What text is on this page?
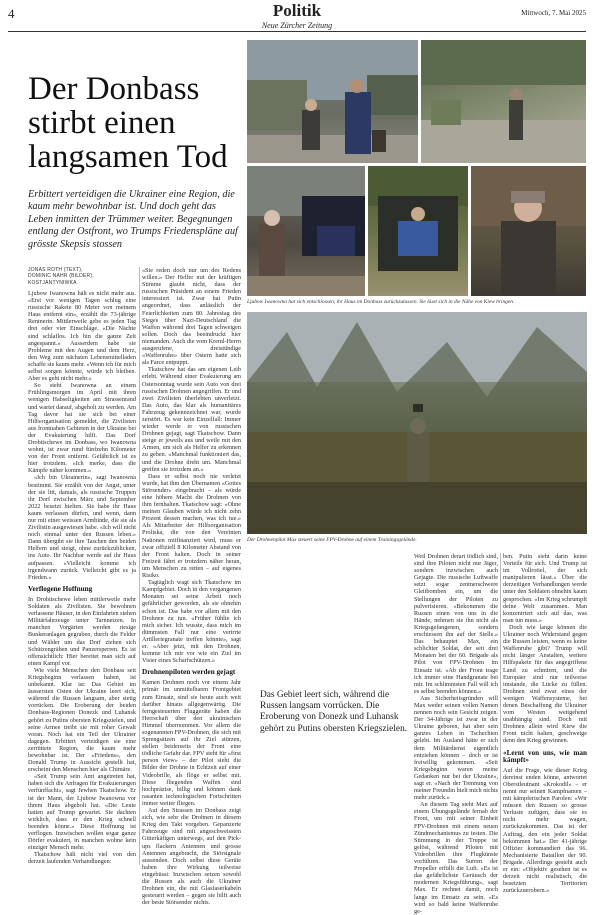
4	Politik
Neue Zürcher Zeitung
Mittwoch, 7. Mai 2025
Der Donbass stirbt einen langsamen Tod

Erbittert verteidigen die Ukrainer eine Region, die kaum mehr bewohnbar ist. Und doch geht das Leben inmitten der Trümmer weiter. Begegnungen entlang der Ostfront, wo Trumps Friedenspläne auf grösste Skepsis stossen

JONAS ROTH (TEXT),
DOMINIC NAHR (BILDER), KOSTJANTYNIWKA

Ljubow Iwanowna hält es nicht mehr aus. «Erst vor wenigen Tagen schlug eine russische Rakete 80 Meter von meinem Haus entfernt ein», erzählt die 73-jährige Rentnerin. Mittlerweile gebe es jeden Tag drei oder vier Einschläge. «Die Nächte sind schlaflos. Ich bin die ganze Zeit angespannt.» Ausserdem habe sie Probleme mit den Augen und dem Herz, den Weg zum nächsten Lebensmittelladen schaffe sie kaum mehr. «Wenn ich für mich selbst sorgen könnte, würde ich bleiben. Aber es geht nicht mehr.»

So steht Iwanowna an einem Frühlingsmorgen im April mit ihren wenigen Habseligkeiten am Strassenrand und wartet darauf, abgeholt zu werden. Am Tag davor hat sie sich bei einer Hilfsorganisation gemeldet, die Zivilisten aus frontnahen Gebieten in der Ukraine bei der Evakuierung hilft. Das Dorf Drobitschewe im Donbass, wo Iwanowna wohnt, ist zwar rund fünfzehn Kilometer von der Front entfernt. Gefährlich ist es hier trotzdem. «Ich merke, dass die Kämpfe näher kommen.»

«Ich bin Ukrainerin», sagt Iwanowna bestimmt. Sie erzählt von der Angst, unter der sie litt, damals, als russische Truppen ihr Dorf zwischen März und September 2022 besetzt hielten. Sie habe ihr Haus kaum verlassen dürfen, und wenn, dann nur mit einer weissen Armbinde, die sie als Zivilistin ausgewiesen habe. «Ich will nicht noch einmal unter den Russen leben.» Dann übergibt sie ihre Taschen den beiden Helfern und steigt, ohne zurückzublicken, ins Auto. Ihr Nachbar werde auf ihr Haus aufpassen. «Vielleicht komme ich irgendwann zurück. Vielleicht gibt es ja Frieden.»

Verflogene Hoffnung

In Drobitschewe leben mittlerweile mehr Soldaten als Zivilisten. Sie bewohnen verlassene Häuser, in den Einfahrten stehen Militärfahrzeuge unter Tarnnetzen. In manchen Vorgärten werden riesige Bunkeranlagen gegraben, durch die Felder und Wälder um das Dorf ziehen sich Schützengräben und Panzersperren. Es ist offensichtlich: Hier bereitet man sich auf einen Kampf vor.

Wie viele Menschen den Donbass seit Kriegsbeginn verlassen haben, ist unbekannt. Klar ist: Das Gebiet im äussersten Osten der Ukraine leert sich, während die Russen langsam, aber stetig vorrücken. Die Eroberung der beiden Donbass-Regionen Donezk und Luhansk gehört zu Putins obersten Kriegszielen, und seine Armee treibt sie mit roher Gewalt voran. Noch hat ein Teil der Ukrainer dagegen. Erbittert verteidigen sie eine zerrüttete Region, die kaum mehr bewohnbar ist. Der «Friedens», den Donald Trump in Aussicht gestellt hat, erscheint den Menschen hier als Chimäre.

«Seit Trump sein Amt angetreten hat, haben sich die Anfragen für Evakuierungen verfünffacht», sagt Jewhen Tkatschow. Er ist der Mann, der Ljubow Iwanowna vor ihrem Haus abgeholt hat. «Die Leute hatten auf Trump gewartet. Sie dachten wirklich, dass er den Krieg schnell beenden könne.» Diese Hoffnung ist verflogen. Inzwischen wollen sogar ganze Dörfer evakuiert, in manchen wohne kein einziger Mensch mehr.

Tkatschow hält nicht viel von den derzeit laufenden Verhandlungen:

«Sie reden doch nur um des Redens willen.» Der Helfer mit der kräftigen Stimme glaubt nicht, dass der russischen Präsident an einem Frieden interessiert ist. Zwar hat Putin angeordnet, dass anlässlich der Feierlichkeiten zum 80. Jahrestag des Sieges über Nazi-Deutschland die Waffen während drei Tagen schweigen sollen. Doch das beeindruckt hier niemanden. Auch die vom Kreml-Herrn ausgerufene, dreistündige «Waffenruhe» über Ostern hatte sich als Farce entpuppt.

Tkatschow hat das am eigenen Leib erlebt. Während einer Evakuierung am Ostersonntag wurde sein Auto von drei russischen Drohnen angegriffen. Er und zwei Zivilisten überlebten unverletzt. Das Auto, das klar als humanitäres Fahrzeug gekennzeichnet war, wurde zerstört. Es war kein Einzelfall: Immer wieder werde er von russischen Drohnen gejagt, sagt Tkatschow. Dann steige er jeweils aus und weile mit den Armen, um sich als Helfer zu erkennen zu geben. «Manchmal funktioniert das, und die Drohne dreht um. Manchmal greifen sie trotzdem an.»

Dass er selbst noch nie verletzt wurde, hat ihm den Übernamen «Gottes Störsender» eingebracht – als würde eine höhere Macht die Drohnen von ihm fernhalten. Tkatschow sagt: «Ohne meinen Glauben würde ich nicht zehn Prozent dessen machen, was ich tue.» Als Mitarbeiter der Hilfsorganisation Proliska, die von den Vereinten Nationen mitfinanziert wird, muss er zwar offiziell 8 Kilometer Abstand von der Front halten. Doch in seiner Freizeit fährt er trotzdem näher heran, um Menschen zu retten – auf eigenes Risiko.

Tagtäglich wagt sich Tkatschow im Kampfgebiet. Doch in den vergangenen Monaten sei seine Arbeit noch gefährlicher geworden, als sie ohnehin schon ist. Das habe vor allem mit den Drohnen zu tun. «Früher fühlte ich mich sicher. Ich wusste, dass mich im dümmsten Fall nur eine verirrte Artilleriegranate treffen könnte», sagt er. «Aber jetzt, mit den Drohnen, komme ich mir vor wie ein Ziel im Visier eines Scharfschützen.»

Drohnenpiloten werden gejagt

Kamen Drohnen noch vor einem Jahr primär im unmittelbaren Frontgebiet zum Einsatz, sind sie heute auch weit darüber hinaus allgegenwärtig. Die ferngesteuerten Fluggeräte haben die Herrschaft über den ukrainischen Himmel übernommen. Vor allem die sogenannten FPV-Drohnen, die sich mit Sprengsätzen auf ihr Ziel stürzen, stellen beiderseits der Front eine tödliche Gefahr dar. FPV steht für «first person view» – der Pilot sieht die Bilder der Drohne in Echtzeit auf einer Videobrille, als flöge er selbst mit. Diese fliegenden Waffen sind hochpräzise, billig und können dank rasanten technologischen Fortschritten immer weiter fliegen.

Auf den Strassen im Donbass zeigt sich, wie sehr die Drohnen in diesem Krieg den Takt vorgeben. Gepanzerte Fahrzeuge sind mit angeschweissten Gitterkäfigen unterwegs, auf den Pick-ups flackern Antennen und grosse Antennen angebracht, die Störsignale aussenden. Doch selbst diese Geräte haben ihre Wirkung teilweise eingebüsst: Inzwischen setzen sowohl die Russen als auch die Ukrainer Drohnen ein, die mit Glasfaserkabeln gesteuert werden – gegen sie hilft auch der beste Störsender nichts.

Ljubow Iwanowna hat sich entschlossen, ihr Haus im Donbass zurückzulassen. Sie lässt sich in die Nähe von Kiew bringen.
Der Drohnenpilot Max steuert seine FPV-Drohne auf einem Trainingsgelände.
Das Gebiet leert sich, während die Russen langsam vorrücken. Die Eroberung von Donezk und Luhansk gehört zu Putins obersten Kriegszielen.

Weil Drohnen derart tödlich sind, sind ihre Piloten nicht nur Jäger, sondern inzwischen auch Gejagte. Die russische Luftwaffe setzt sogar zentnerschwere Gleitbomben ein, um die Stellungen der Piloten zu pulverisieren. «Bekommen die Russen einen von uns in die Hände, nehmen sie ihn nicht als Kriegsgefangenen, sondern erschiessen ihn auf der Stelle.» Das behauptet Max, ein schlichter Soldat, der seit drei Monaten bei der 60. Brigade als Pilot von FPV-Drohnen im Einsatz ist. «Ab der Front trage ich immer eine Handgranate bei mir. Im schlimmsten Fall will ich es selbst beenden können.»

Aus Sicherheitsgründen will Max weder seinen vollen Namen nennen noch sein Gesicht zeigen. Der 34-Jährige ist zwar in der Ukraine geboren, hat aber sein ganzes Leben in Tschechien gelebt. Im Ausland hätte er sich dem Militärdienst eigentlich entziehen können – doch er ist freiwillig gekommen. «Seit Kriegsbeginn waren meine Gedanken nur bei der Ukraine», sagt er. «Nach der Trennung von meiner Freundin hielt mich nichts mehr zurück.»

An diesem Tag steht Max auf einem Übungsgelände fernab der Front, um mit seiner Einheit FPV-Drohnen mit einem neuen Zündmechanismus zu testen. Die Stimmung in der Truppe ist gelöst, während Piloten mit Videobrillen ihre Flugkünste vorführen. Das Surren der Propeller erfüllt die Luft. «Es ist das gefährlichste Geräusch der modernen Kriegsführung», sagt Max. Er rechnet damit, noch lange im Einsatz zu sein. «Es wird so bald keine Waffenruhe ge-

ben. Putin sieht darin keine Vorteile für sich. Und Trump ist im Vollrotiel, der sich manipulieren lässt.» Über die derzeitigen Verhandlungen werde unter den Soldaten ohnehin kaum gesprochen. «Im Krieg schrumpft deine Welt zusammen. Man konzentriert sich auf das, was man tun muss.»

Doch wie lange können die Ukrainer noch Widerstand gegen die Russen leisten, wenn es keine Waffenruhe gibt? Trump will nicht länger Anstalten, weitere Hilfspakete für das angegriffene Land zu schnüren, und die Europäer sind nur teilweise imstande, die Lücke zu füllen. Drohnen sind zwar eines der wenigen Waffensysteme, bei denen Beschaffung die Ukrainer vom Westen weitgehend unabhängig sind. Doch mit Drohnen allein wird Kiew die Front nicht halten, geschweige denn den Krieg gewinnen.

«Lernt von uns, wie man kämpft»

Auf die Frage, wie dieser Krieg dereinst enden könne, antwortet Oberstleutnant «Krokodil» – er nennt nur seinen Kampfnamen – mit kämpferischen Parolen: «Wir müssen den Russen so grosse Verluste zufügen, dass sie es nicht mehr wagen, zurückzukommen. Das ist der Auftrag, den ein jeder Soldat bekommen hat.» Der 41-jährige Offizier kommandiert das 96. Mechanisierte Bataillon der 90. Brigade. Allerdings gesteht auch er ein: «Objektiv gesehen ist es derzeit nicht realistisch, die besetzten Territorien zurückzuerobern.»
